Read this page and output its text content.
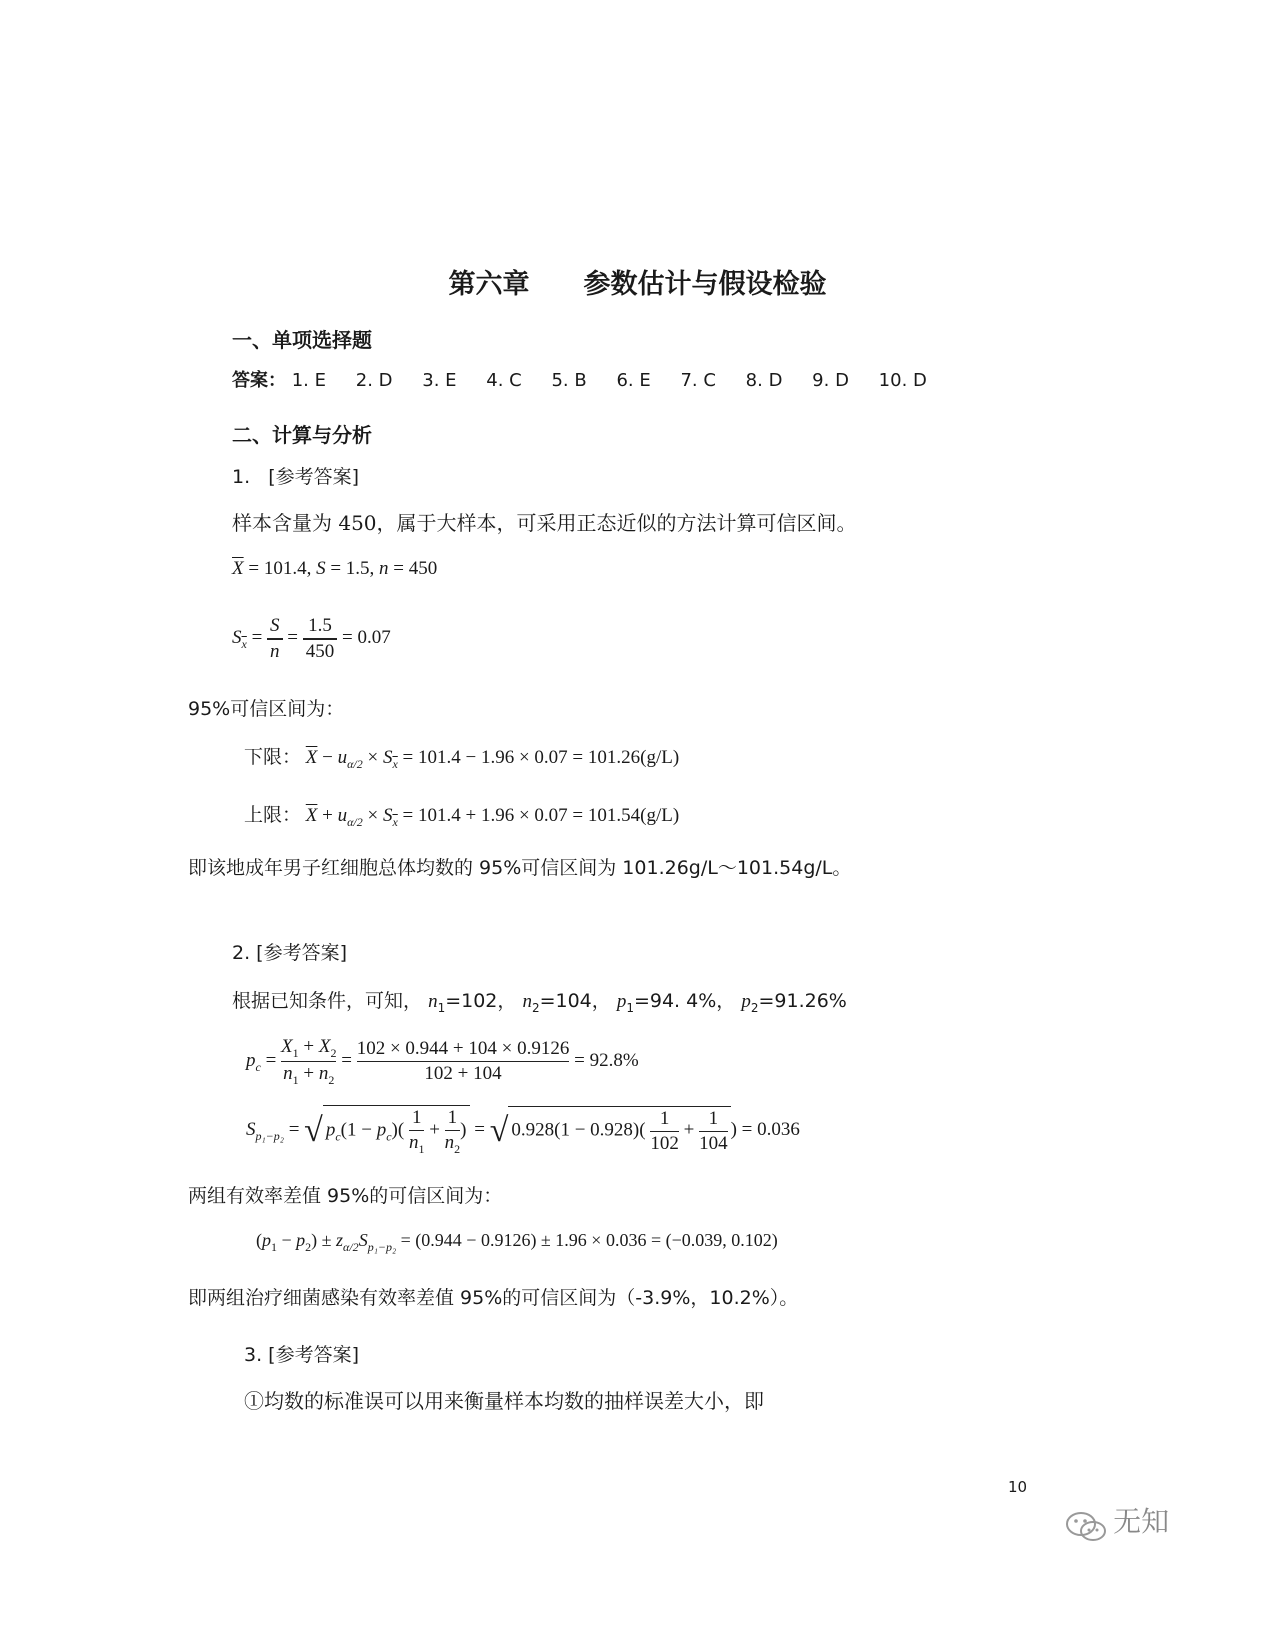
第六章　　参数估计与假设检验
一、单项选择题
答案： 1. E 2. D 3. E 4. C 5. B 6. E 7. C 8. D 9. D 10. D
二、计算与分析
1.   [参考答案]
样本含量为 450，属于大样本，可采用正态近似的方法计算可信区间。
$\overline{X} = 101.4$, S = 1.5, n = 450
$S_{\overline{x}} = \frac{S}{n} = \frac{1.5}{450} = 0.07$
95%可信区间为：
下限： $\overline{X} - u_{\alpha/2} \times S_{\overline{x}} = 101.4 - 1.96 \times 0.07 = 101.26(g/L)$
上限： $\overline{X} + u_{\alpha/2} \times S_{\overline{x}} = 101.4 + 1.96 \times 0.07 = 101.54(g/L)$
即该地成年男子红细胞总体均数的 95%可信区间为 101.26g/L～101.54g/L。
2. [参考答案]
根据已知条件，可知， $n_1=102$， $n_2=104$， $p_1=94$. 4%， $p_2=91.26\%$
$p_c = \frac{X_1 + X_2}{n_1 + n_2} = \frac{102 \times 0.944 + 104 \times 0.9126}{102 + 104} = 92.8\%$
$S_{p_1-p_2}$ = √ $p_c(1 - p_c)( \frac{1}{n_1} + \frac{1}{n_2}$ ) = √ $0.928(1 - 0.928)( \frac{1}{102} + \frac{1}{104}$ ) = 0.036
两组有效率差值 95%的可信区间为：
$(p_1 - p_2) \pm z_{\alpha/2}S_{p_1-p_2} = (0.944 - 0.9126) \pm 1.96 \times 0.036 = (-0.039$, 0.102)
即两组治疗细菌感染有效率差值 95%的可信区间为（-3.9%，10.2%）。
3. [参考答案]
①均数的标准误可以用来衡量样本均数的抽样误差大小，即
10
无知
